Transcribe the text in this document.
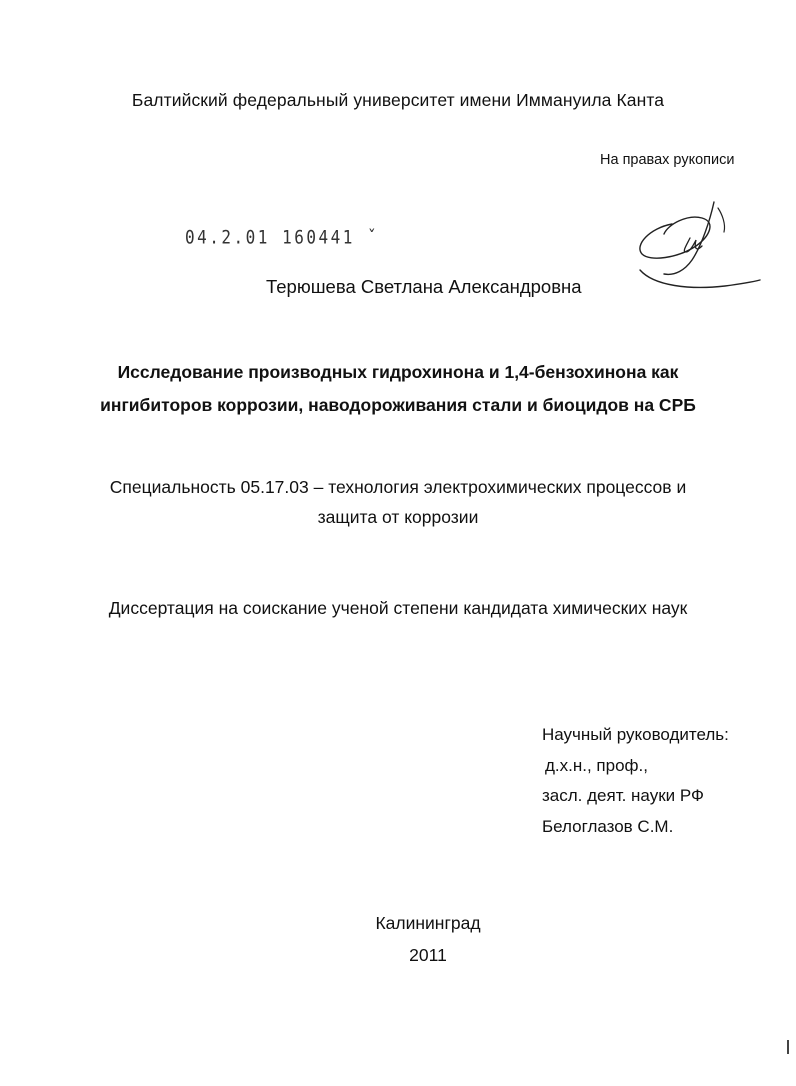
Балтийский федеральный университет имени Иммануила Канта
На правах рукописи
04.2.01 160441 ˇ
Терюшева Светлана Александровна
Исследование производных гидрохинона и 1,4-бензохинона как
ингибиторов коррозии, наводороживания стали и биоцидов на СРБ
Специальность 05.17.03 – технология электрохимических процессов и
защита от коррозии
Диссертация на соискание ученой степени кандидата химических наук
Научный руководитель:
д.х.н., проф.,
засл. деят. науки РФ
Белоглазов С.М.
Калининград
2011
